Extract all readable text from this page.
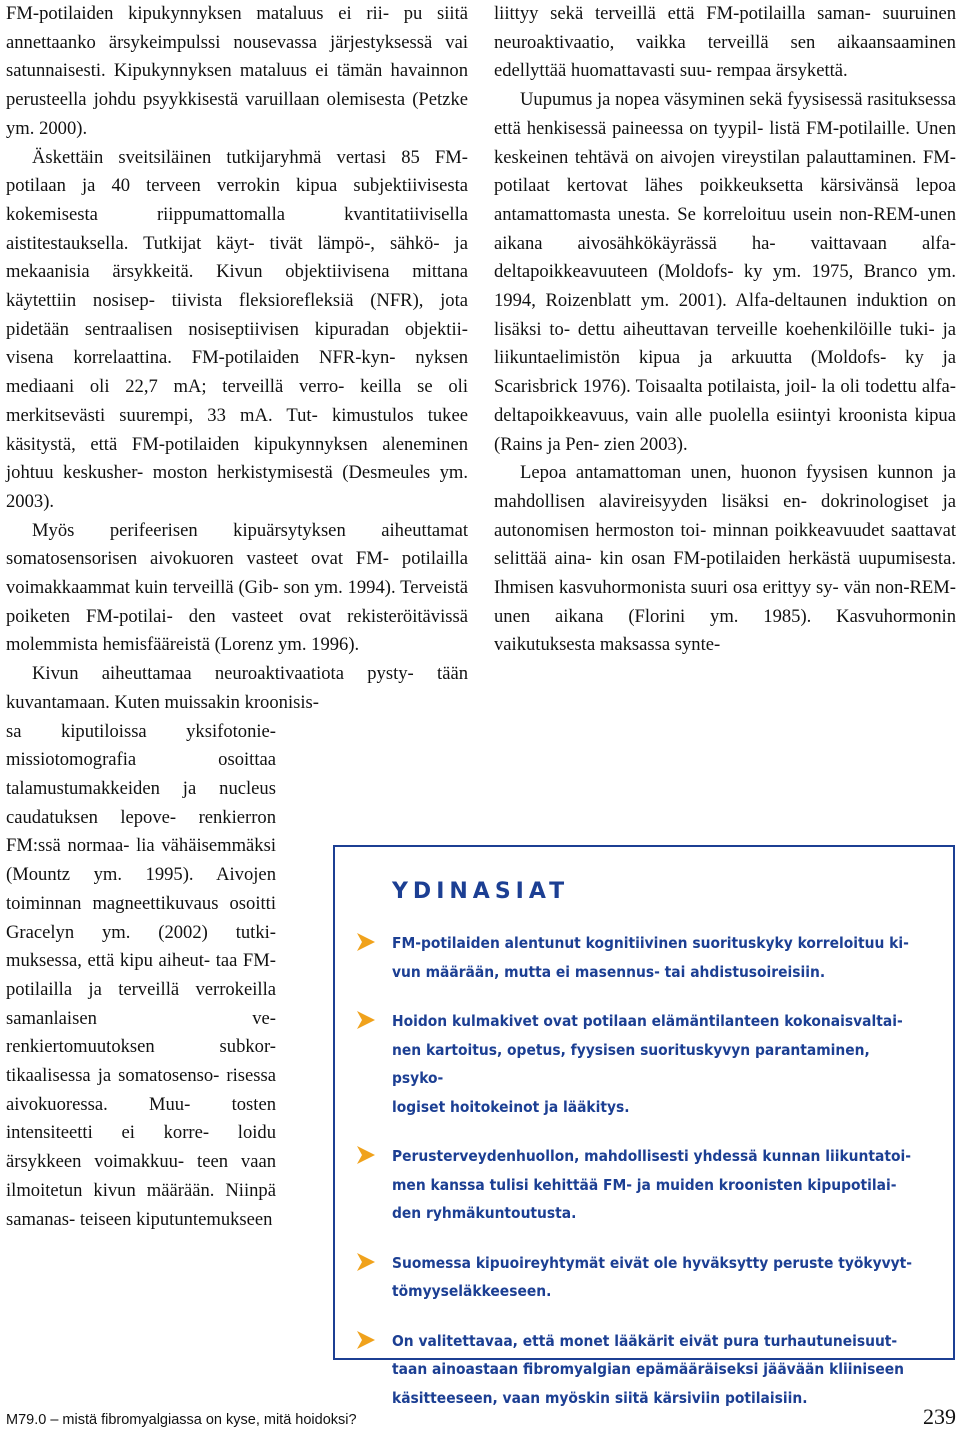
FM-potilaiden kipukynnyksen mataluus ei rii- pu siitä annettaanko ärsykeimpulssi nousevassa järjestyksessä vai satunnaisesti. Kipukynnyksen mataluus ei tämän havainnon perusteella johdu psyykkisestä varuillaan olemisesta (Petzke ym. 2000).

Äskettäin sveitsiläinen tutkijaryhmä vertasi 85 FM-potilaan ja 40 terveen verrokin kipua subjektiivisesta kokemisesta riippumattomalla	kvantitatiivisella aistitestauksella. Tutkijat käyt- tivät lämpö-, sähkö- ja mekaanisia ärsykkeitä. Kivun objektiivisena mittana käytettiin nosisep- tiivista fleksiorefleksiä (NFR), jota pidetään sentraalisen nosiseptiivisen kipuradan objektii- visena korrelaattina. FM-potilaiden NFR-kyn- nyksen mediaani oli 22,7 mA; terveillä verro- keilla se oli merkitsevästi suurempi, 33 mA. Tut- kimustulos tukee käsitystä, että FM-potilaiden kipukynnyksen aleneminen johtuu keskusher- moston herkistymisestä (Desmeules ym. 2003).

Myös perifeerisen kipuärsytyksen aiheuttamat somatosensorisen aivokuoren vasteet ovat FM- potilailla voimakkaammat kuin terveillä (Gib- son ym. 1994). Terveistä poiketen FM-potilai- den vasteet ovat rekisteröitävissä molemmista hemisfääreistä (Lorenz ym. 1996).

Kivun aiheuttamaa neuroaktivaatiota pysty- tään kuvantamaan. Kuten muissakin kroonisis-

sa kiputiloissa yksifotonie- missiotomografia osoittaa talamustumakkeiden ja nucleus caudatuksen lepove- renkierron FM:ssä normaa- lia vähäisemmäksi (Mountz ym. 1995). Aivojen toiminnan magneettikuvaus osoitti Gracelyn ym. (2002) tutki- muksessa, että kipu aiheut- taa FM-potilailla ja terveillä verrokeilla samanlaisen ve- renkiertomuutoksen subkor- tikaalisessa ja somatosenso- risessa aivokuoressa. Muu- tosten intensiteetti ei korre- loidu ärsykkeen voimakkuu- teen vaan ilmoitetun kivun määrään. Niinpä samanas- teiseen kiputuntemukseen

liittyy sekä terveillä että FM-potilailla saman- suuruinen neuroaktivaatio, vaikka terveillä sen aikaansaaminen edellyttää huomattavasti suu- rempaa ärsykettä.

Uupumus ja nopea väsyminen sekä fyysisessä rasituksessa että henkisessä paineessa on tyypil- listä FM-potilaille. Unen keskeinen tehtävä on aivojen vireystilan palauttaminen. FM-potilaat kertovat lähes poikkeuksetta kärsivänsä lepoa antamattomasta unesta. Se korreloituu usein non-REM-unen aikana aivosähkökäyrässä ha- vaittavaan alfa-deltapoikkeavuuteen (Moldofs- ky ym. 1975, Branco ym. 1994, Roizenblatt ym. 2001). Alfa-deltaunen induktion on lisäksi to- dettu aiheuttavan terveille koehenkilöille tuki- ja liikuntaelimistön kipua ja arkuutta (Moldofs- ky ja Scarisbrick 1976). Toisaalta potilaista, joil- la oli todettu alfa-deltapoikkeavuus, vain alle puolella esiintyi kroonista kipua (Rains ja Pen- zien 2003).

Lepoa antamattoman unen, huonon fyysisen kunnon ja mahdollisen alavireisyyden lisäksi en- dokrinologiset ja autonomisen hermoston toi- minnan poikkeavuudet saattavat selittää aina- kin osan FM-potilaiden herkästä uupumisesta. Ihmisen kasvuhormonista suuri osa erittyy sy- vän non-REM-unen aikana (Florini ym. 1985). Kasvuhormonin vaikutuksesta maksassa synte-

YDINASIAT
FM-potilaiden alentunut kognitiivinen suorituskyky korreloituu ki-
vun määrään, mutta ei masennus- tai ahdistusoireisiin.
Hoidon kulmakivet ovat potilaan elämäntilanteen kokonaisvaltai-
nen kartoitus, opetus, fyysisen suorituskyvyn parantaminen, psyko-
logiset hoitokeinot ja lääkitys.
Perusterveydenhuollon, mahdollisesti yhdessä kunnan liikuntatoi-
men kanssa tulisi kehittää FM- ja muiden kroonisten kipupotilai-
den ryhmäkuntoutusta.
Suomessa kipuoireyhtymät eivät ole hyväksytty peruste työkyvyt-
tömyyseläkkeeseen.
On valitettavaa, että monet lääkärit eivät pura turhautuneisuut-
taan ainoastaan fibromyalgian epämääräiseksi jäävään kliiniseen
käsitteeseen, vaan myöskin siitä kärsiviin potilaisiin.
M79.0 – mistä fibromyalgiassa on kyse, mitä hoidoksi?	239
